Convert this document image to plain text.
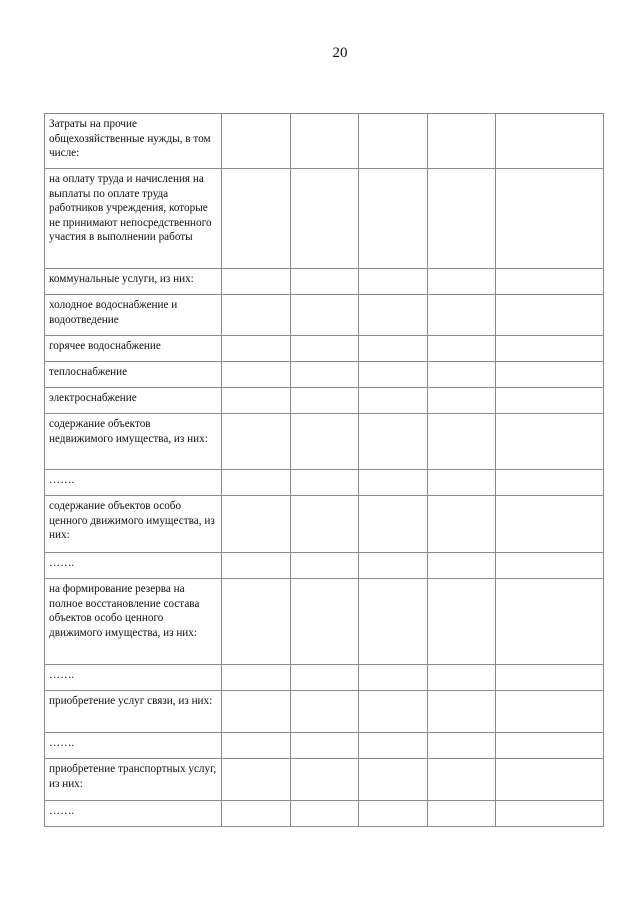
20
Затраты на прочие общехозяйственные нужды, в том числе:					
на оплату труда и начисления на выплаты по оплате труда работников учреждения, которые не принимают непосредственного участия в выполнении работы					
коммунальные услуги, из них:					
холодное водоснабжение и водоотведение					
горячее водоснабжение					
теплоснабжение					
электроснабжение					
содержание объектов недвижимого имущества, из них:					
…….					
содержание объектов особо ценного движимого имущества, из них:					
…….					
на формирование резерва на полное восстановление состава объектов особо ценного движимого имущества, из них:					
…….					
приобретение услуг связи, из них:					
…….					
приобретение транспортных услуг, из них:					
…….					
